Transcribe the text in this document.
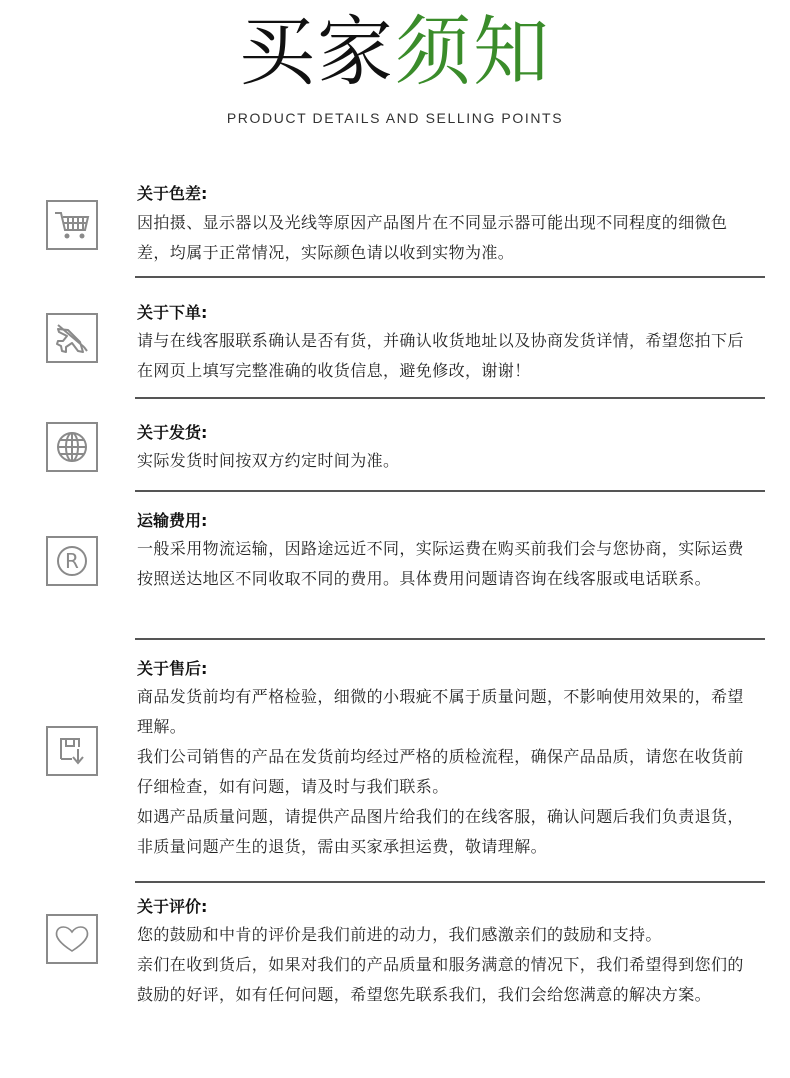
买家须知
PRODUCT DETAILS AND SELLING POINTS
关于色差:

因拍摄、显示器以及光线等原因产品图片在不同显示器可能出现不同程度的细微色差，均属于正常情况，实际颜色请以收到实物为准。

关于下单:

请与在线客服联系确认是否有货，并确认收货地址以及协商发货详情，希望您拍下后在网页上填写完整准确的收货信息，避免修改，谢谢！

关于发货:

实际发货时间按双方约定时间为准。

R
运输费用:

一般采用物流运输，因路途远近不同，实际运费在购买前我们会与您协商，实际运费按照送达地区不同收取不同的费用。具体费用问题请咨询在线客服或电话联系。

关于售后:

商品发货前均有严格检验，细微的小瑕疵不属于质量问题，不影响使用效果的，希望理解。

我们公司销售的产品在发货前均经过严格的质检流程，确保产品品质，请您在收货前仔细检查，如有问题，请及时与我们联系。

如遇产品质量问题，请提供产品图片给我们的在线客服，确认问题后我们负责退货，非质量问题产生的退货，需由买家承担运费，敬请理解。

关于评价:

您的鼓励和中肯的评价是我们前进的动力，我们感激亲们的鼓励和支持。

亲们在收到货后，如果对我们的产品质量和服务满意的情况下，我们希望得到您们的鼓励的好评，如有任何问题，希望您先联系我们，我们会给您满意的解决方案。
